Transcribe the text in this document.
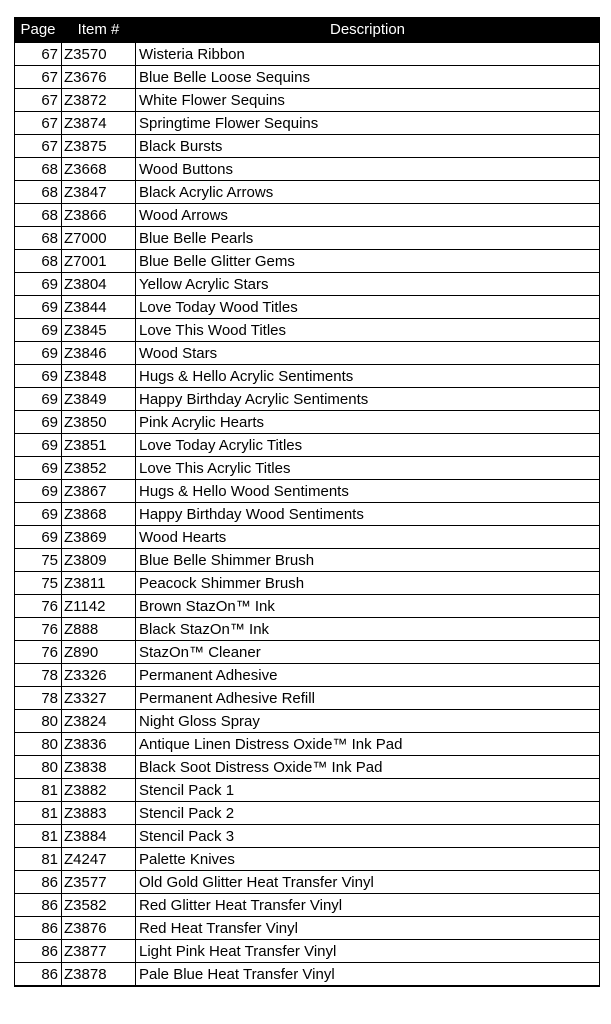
Page	Item #	Description
67	Z3570	Wisteria Ribbon
67	Z3676	Blue Belle Loose Sequins
67	Z3872	White Flower Sequins
67	Z3874	Springtime Flower Sequins
67	Z3875	Black Bursts
68	Z3668	Wood Buttons
68	Z3847	Black Acrylic Arrows
68	Z3866	Wood Arrows
68	Z7000	Blue Belle Pearls
68	Z7001	Blue Belle Glitter Gems
69	Z3804	Yellow Acrylic Stars
69	Z3844	Love Today Wood Titles
69	Z3845	Love This Wood Titles
69	Z3846	Wood Stars
69	Z3848	Hugs & Hello Acrylic Sentiments
69	Z3849	Happy Birthday Acrylic Sentiments
69	Z3850	Pink Acrylic Hearts
69	Z3851	Love Today Acrylic Titles
69	Z3852	Love This Acrylic Titles
69	Z3867	Hugs & Hello Wood Sentiments
69	Z3868	Happy Birthday Wood Sentiments
69	Z3869	Wood Hearts
75	Z3809	Blue Belle Shimmer Brush
75	Z3811	Peacock Shimmer Brush
76	Z1142	Brown StazOn™ Ink
76	Z888	Black StazOn™ Ink
76	Z890	StazOn™ Cleaner
78	Z3326	Permanent Adhesive
78	Z3327	Permanent Adhesive Refill
80	Z3824	Night Gloss Spray
80	Z3836	Antique Linen Distress Oxide™ Ink Pad
80	Z3838	Black Soot Distress Oxide™ Ink Pad
81	Z3882	Stencil Pack 1
81	Z3883	Stencil Pack 2
81	Z3884	Stencil Pack 3
81	Z4247	Palette Knives
86	Z3577	Old Gold Glitter Heat Transfer Vinyl
86	Z3582	Red Glitter Heat Transfer Vinyl
86	Z3876	Red Heat Transfer Vinyl
86	Z3877	Light Pink Heat Transfer Vinyl
86	Z3878	Pale Blue Heat Transfer Vinyl
